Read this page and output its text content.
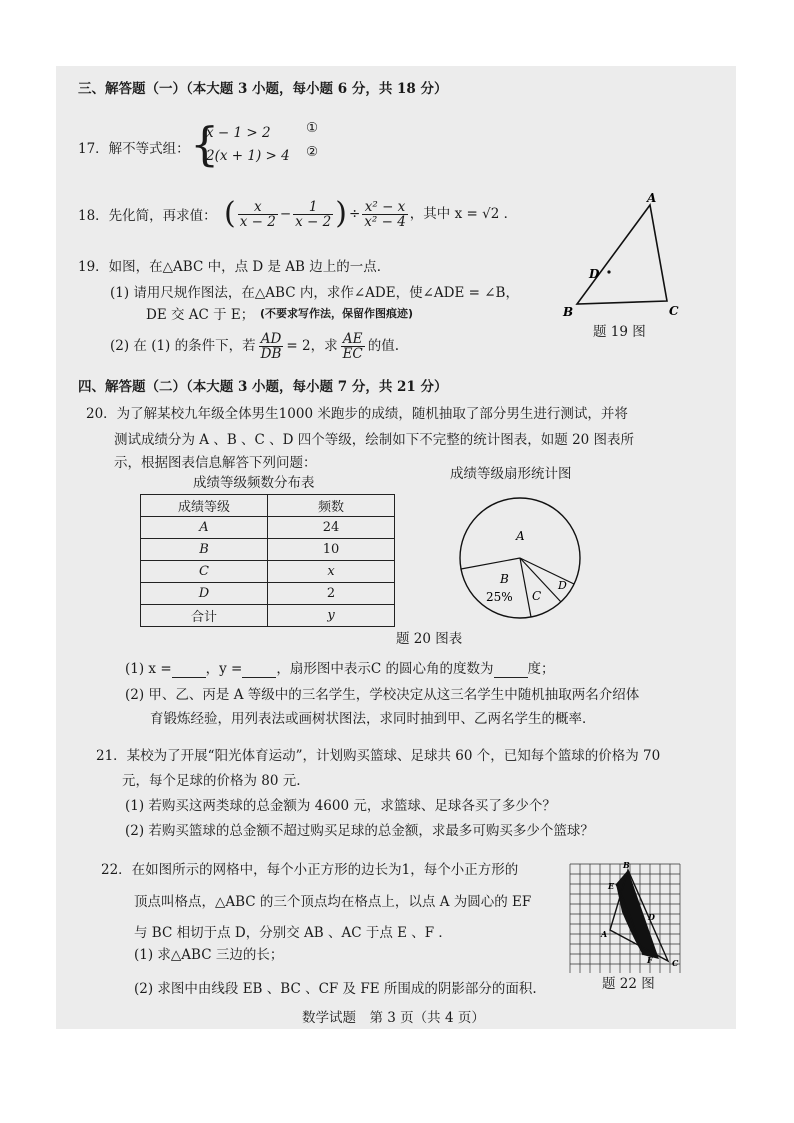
三、解答题（一）（本大题 3 小题，每小题 6 分，共 18 分）
17．解不等式组： {
x − 1 > 2
2(x + 1) > 4
①
②
18．先化简，再求值： ( $\frac{x}{x - 2} - \frac{1}{x - 2}$ ) ÷ $\frac{\text{x² − x}}{\text{x² − 4}}$ ，其中 x = √2 ．
19．如图，在△ABC 中，点 D 是 AB 边上的一点．
(1) 请用尺规作图法，在△ABC 内，求作∠ADE，使∠ADE = ∠B，
DE 交 AC 于 E； (不要求写作法，保留作图痕迹)
(2) 在 (1) 的条件下，若 $\frac{AD}{DB} = 2$，求 $\frac{AE}{EC}$ 的值.
A
B	C
D
题 19 图
四、解答题（二）（本大题 3 小题，每小题 7 分，共 21 分）
20．为了解某校九年级全体男生1000 米跑步的成绩，随机抽取了部分男生进行测试，并将
测试成绩分为 A 、B 、C 、D 四个等级，绘制如下不完整的统计图表，如题 20 图表所
示，根据图表信息解答下列问题：
成绩等级频数分布表
成绩等级扇形统计图
成绩等级	频数
A	24
B	10
C	x
D	2
合计	y
A
B
25% C
D
题 20 图表
(1) x =	，y =	，扇形图中表示C 的圆心角的度数为	度；
(2) 甲、乙、丙是 A 等级中的三名学生，学校决定从这三名学生中随机抽取两名介绍体
育锻炼经验，用列表法或画树状图法，求同时抽到甲、乙两名学生的概率．
21．某校为了开展“阳光体育运动”，计划购买篮球、足球共 60 个，已知每个篮球的价格为 70
元，每个足球的价格为 80 元.
(1) 若购买这两类球的总金额为 4600 元，求篮球、足球各买了多少个？
(2) 若购买篮球的总金额不超过购买足球的总金额，求最多可购买多少个篮球？
22．在如图所示的网格中，每个小正方形的边长为1，每个小正方形的
顶点叫格点，△ABC 的三个顶点均在格点上，以点 A 为圆心的 EF
与 BC 相切于点 D，分别交 AB 、AC 于点 E 、F ．
(1) 求△ABC 三边的长；
(2) 求图中由线段 EB 、BC 、CF 及 FE 所围成的阴影部分的面积.
B
A
C
D
E
F
题 22 图
数学试题　第 3 页（共 4 页）
